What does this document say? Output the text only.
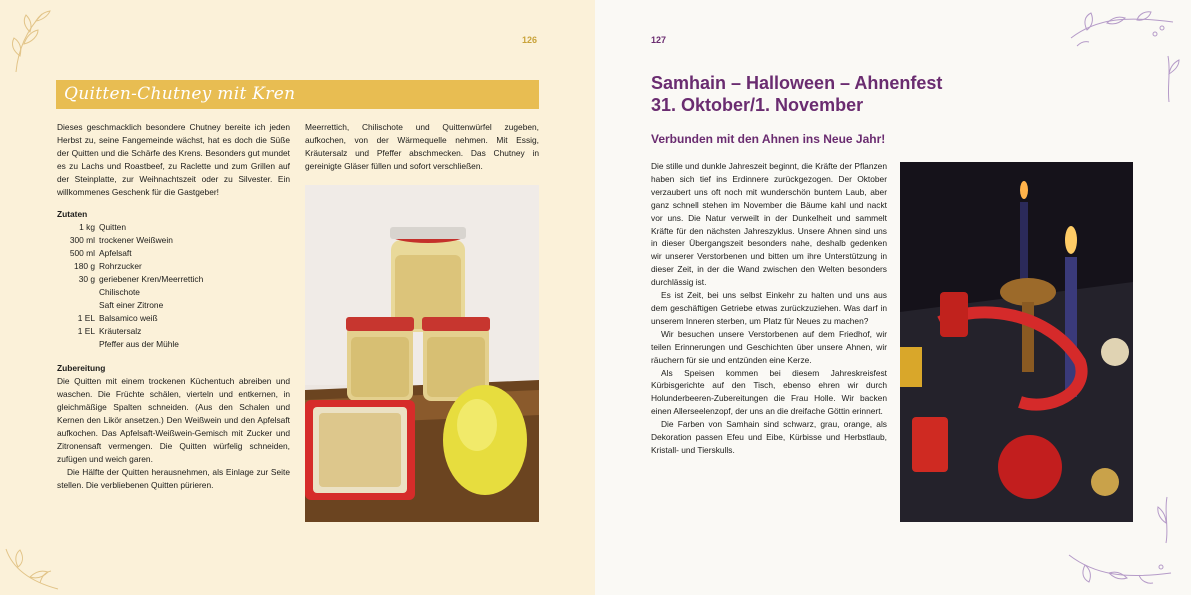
126
Quitten-Chutney mit Kren

Dieses geschmacklich besondere Chutney bereite ich jeden Herbst zu, seine Fangemeinde wächst, hat es doch die Süße der Quitten und die Schärfe des Krens. Besonders gut mundet es zu Lachs und Roastbeef, zu Raclette und zum Grillen auf der Steinplatte, zur Weihnachtszeit oder zu Silvester. Ein willkommenes Geschenk für die Gastgeber!

Zutaten
1 kg Quitten
300 ml trockener Weißwein
500 ml Apfelsaft
180 g Rohrzucker
30 g geriebener Kren/Meerrettich
Chilischote
Saft einer Zitrone
1 EL Balsamico weiß
1 EL Kräutersalz
Pfeffer aus der Mühle
Zubereitung

Die Quitten mit einem trockenen Küchentuch abreiben und waschen. Die Früchte schälen, vierteln und entkernen, in gleichmäßige Spalten schneiden. (Aus den Schalen und Kernen den Likör ansetzen.) Den Weißwein und den Apfelsaft aufkochen. Das Apfelsaft-Weißwein-Gemisch mit Zucker und Zitronensaft vermengen. Die Quitten würfelig schneiden, zufügen und weich garen.

Die Hälfte der Quitten herausnehmen, als Einlage zur Seite stellen. Die verbliebenen Quitten pürieren.

Meerrettich, Chilischote und Quittenwürfel zugeben, aufkochen, von der Wärmequelle nehmen. Mit Essig, Kräutersalz und Pfeffer abschmecken. Das Chutney in gereinigte Gläser füllen und sofort verschließen.

127
Samhain – Halloween – Ahnenfest
31. Oktober/1. November
Verbunden mit den Ahnen ins Neue Jahr!

Die stille und dunkle Jahreszeit beginnt, die Kräfte der Pflanzen haben sich tief ins Erdinnere zurückgezogen. Der Oktober verzaubert uns oft noch mit wunderschön buntem Laub, aber ganz schnell stehen im November die Bäume kahl und nackt vor uns. Die Natur verweilt in der Dunkelheit und sammelt Kräfte für den nächsten Jahreszyklus. Unsere Ahnen sind uns in dieser Übergangszeit besonders nahe, deshalb gedenken wir unserer Verstorbenen und bitten um ihre Unterstützung in dieser Zeit, in der die Wand zwischen den Welten besonders durchlässig ist.

Es ist Zeit, bei uns selbst Einkehr zu halten und uns aus dem geschäftigen Getriebe etwas zurückzuziehen. Was darf in unserem Inneren sterben, um Platz für Neues zu machen?

Wir besuchen unsere Verstorbenen auf dem Friedhof, wir teilen Erinnerungen und Geschichten über unsere Ahnen, wir räuchern für sie und entzünden eine Kerze.

Als Speisen kommen bei diesem Jahreskreisfest Kürbisgerichte auf den Tisch, ebenso ehren wir durch Holunderbeeren-Zubereitungen die Frau Holle. Wir backen einen Allerseelenzopf, der uns an die dreifache Göttin erinnert.

Die Farben von Samhain sind schwarz, grau, orange, als Dekoration passen Efeu und Eibe, Kürbisse und Herbstlaub, Kristall- und Tierskulls.
